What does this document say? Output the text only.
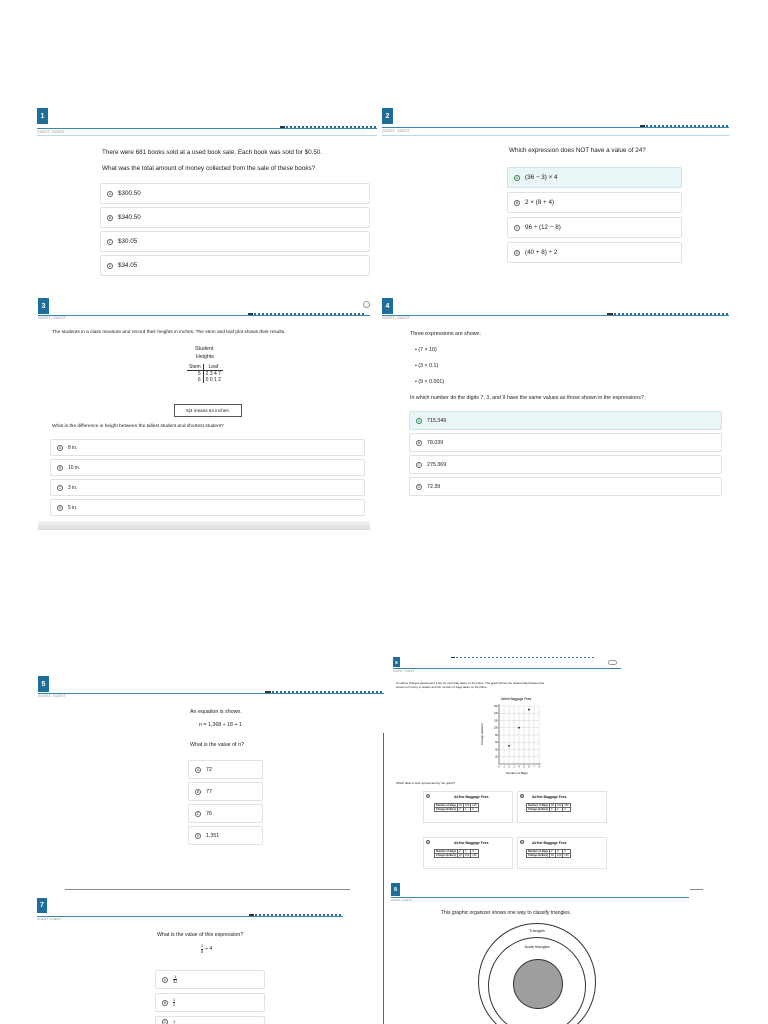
1
GUEST, GUEST
There were 681 books sold at a used book sale. Each book was sold for $0.50.
What was the total amount of money collected from the sale of these books?
A $300.50
B $340.50
C $30.05
D $34.05
2
GUEST, GUEST
Which expression does NOT have a value of 24?
A (36 − 3) × 4
B 2 × (8 + 4)
C 96 ÷ (12 − 8)
D (40 + 8) ÷ 2
3
GUEST, GUEST
The students in a class measure and record their heights in inches. The stem and leaf plot shows their results.
Student
Heights
Stem	Leaf
5	2 3 4 7
6	0 0 1 2
5|4 means 54 inches.
What is the difference in height between the tallest student and shortest student?
A	8 in.
B	10 in.
C	3 in.
D	5 in.
4
GUEST, GUEST
Three expressions are shown.
• (7 × 10)
• (3 × 0.1)
• (9 × 0.001)
In which number do the digits 7, 3, and 9 have the same values as those shown in the expressions?
A	715.349
B	78.039
C	275.369
D	72.39
5
GUEST, GUEST
An equation is shown.
n = 1,368 ÷ 18 + 1
What is the value of n?
A	72
B	77
C	76
D	1,351
6
GUEST, GUEST
An airline charges passengers a fee for each bag taken on the plane. The graph shows the relationship between the
amount of money in dollars and the number of bags taken on the plane.
Airline Baggage Fees
0 1 2 3 4 5 6 7 8
20
40
60
80
100
120
140
160
Number of Bags
Charge (dollars)
Which table is best represented by the graph?
A	Airline Baggage Fees
Number of Bags	40	100	145
Charge (dollars)	2	4	6
B	Airline Baggage Fees
Number of Bags	50	100	150
Charge (dollars)	2	4	6
C	Airline Baggage Fees
Number of Bags	2	4	6
Charge (dollars)	40	100	145
D	Airline Baggage Fees
Number of Bags	2	4	6
Charge (dollars)	50	100	150
7
GUEST, GUEST
What is the value of this expression?
$\frac{1}{8} \div 4$
A
1
32
B
1
2
C	1
8
GUEST, GUEST
This graphic organizer shows one way to classify triangles.
Triangles
Acute triangles
